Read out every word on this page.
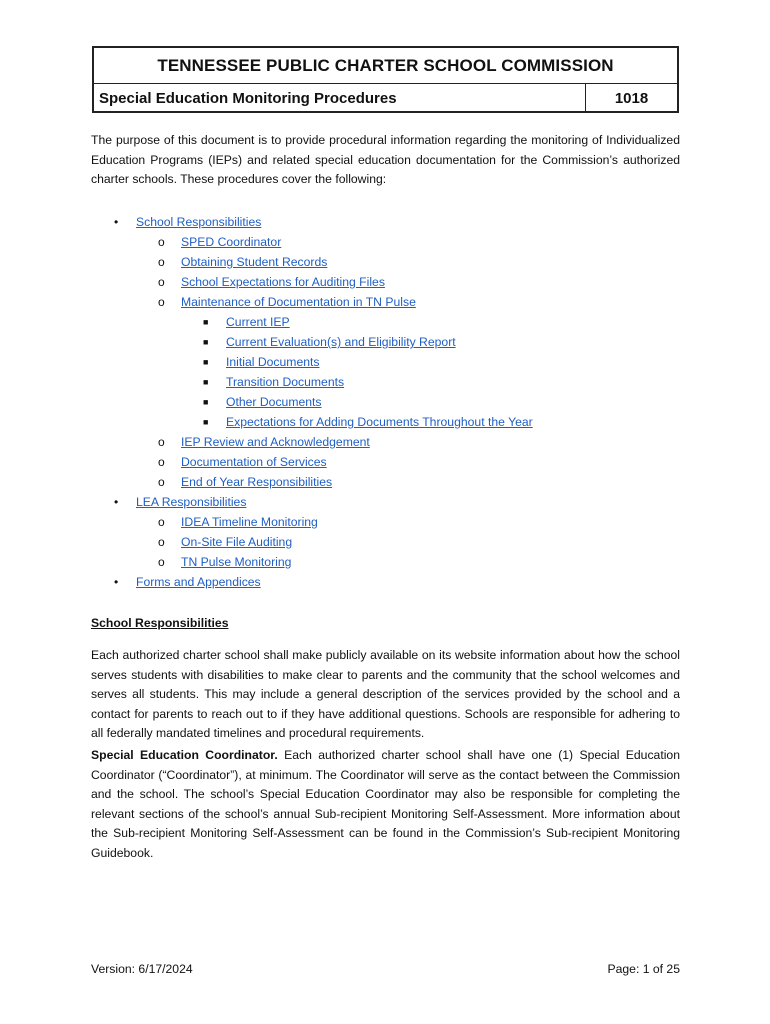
TENNESSEE PUBLIC CHARTER SCHOOL COMMISSION
Special Education Monitoring Procedures	1018
The purpose of this document is to provide procedural information regarding the monitoring of Individualized Education Programs (IEPs) and related special education documentation for the Commission’s authorized charter schools. These procedures cover the following:
• School Responsibilities
o SPED Coordinator
o Obtaining Student Records
o School Expectations for Auditing Files
o Maintenance of Documentation in TN Pulse
■ Current IEP
■ Current Evaluation(s) and Eligibility Report
■ Initial Documents
■ Transition Documents
■ Other Documents
■ Expectations for Adding Documents Throughout the Year
o IEP Review and Acknowledgement
o Documentation of Services
o End of Year Responsibilities
• LEA Responsibilities
o IDEA Timeline Monitoring
o On-Site File Auditing
o TN Pulse Monitoring
• Forms and Appendices
School Responsibilities
Each authorized charter school shall make publicly available on its website information about how the school serves students with disabilities to make clear to parents and the community that the school welcomes and serves all students. This may include a general description of the services provided by the school and a contact for parents to reach out to if they have additional questions. Schools are responsible for adhering to all federally mandated timelines and procedural requirements.
Special Education Coordinator. Each authorized charter school shall have one (1) Special Education Coordinator (“Coordinator”), at minimum. The Coordinator will serve as the contact between the Commission and the school. The school’s Special Education Coordinator may also be responsible for completing the relevant sections of the school’s annual Sub-recipient Monitoring Self-Assessment. More information about the Sub-recipient Monitoring Self-Assessment can be found in the Commission’s Sub-recipient Monitoring Guidebook.
Version: 6/17/2024	Page: 1 of 25
